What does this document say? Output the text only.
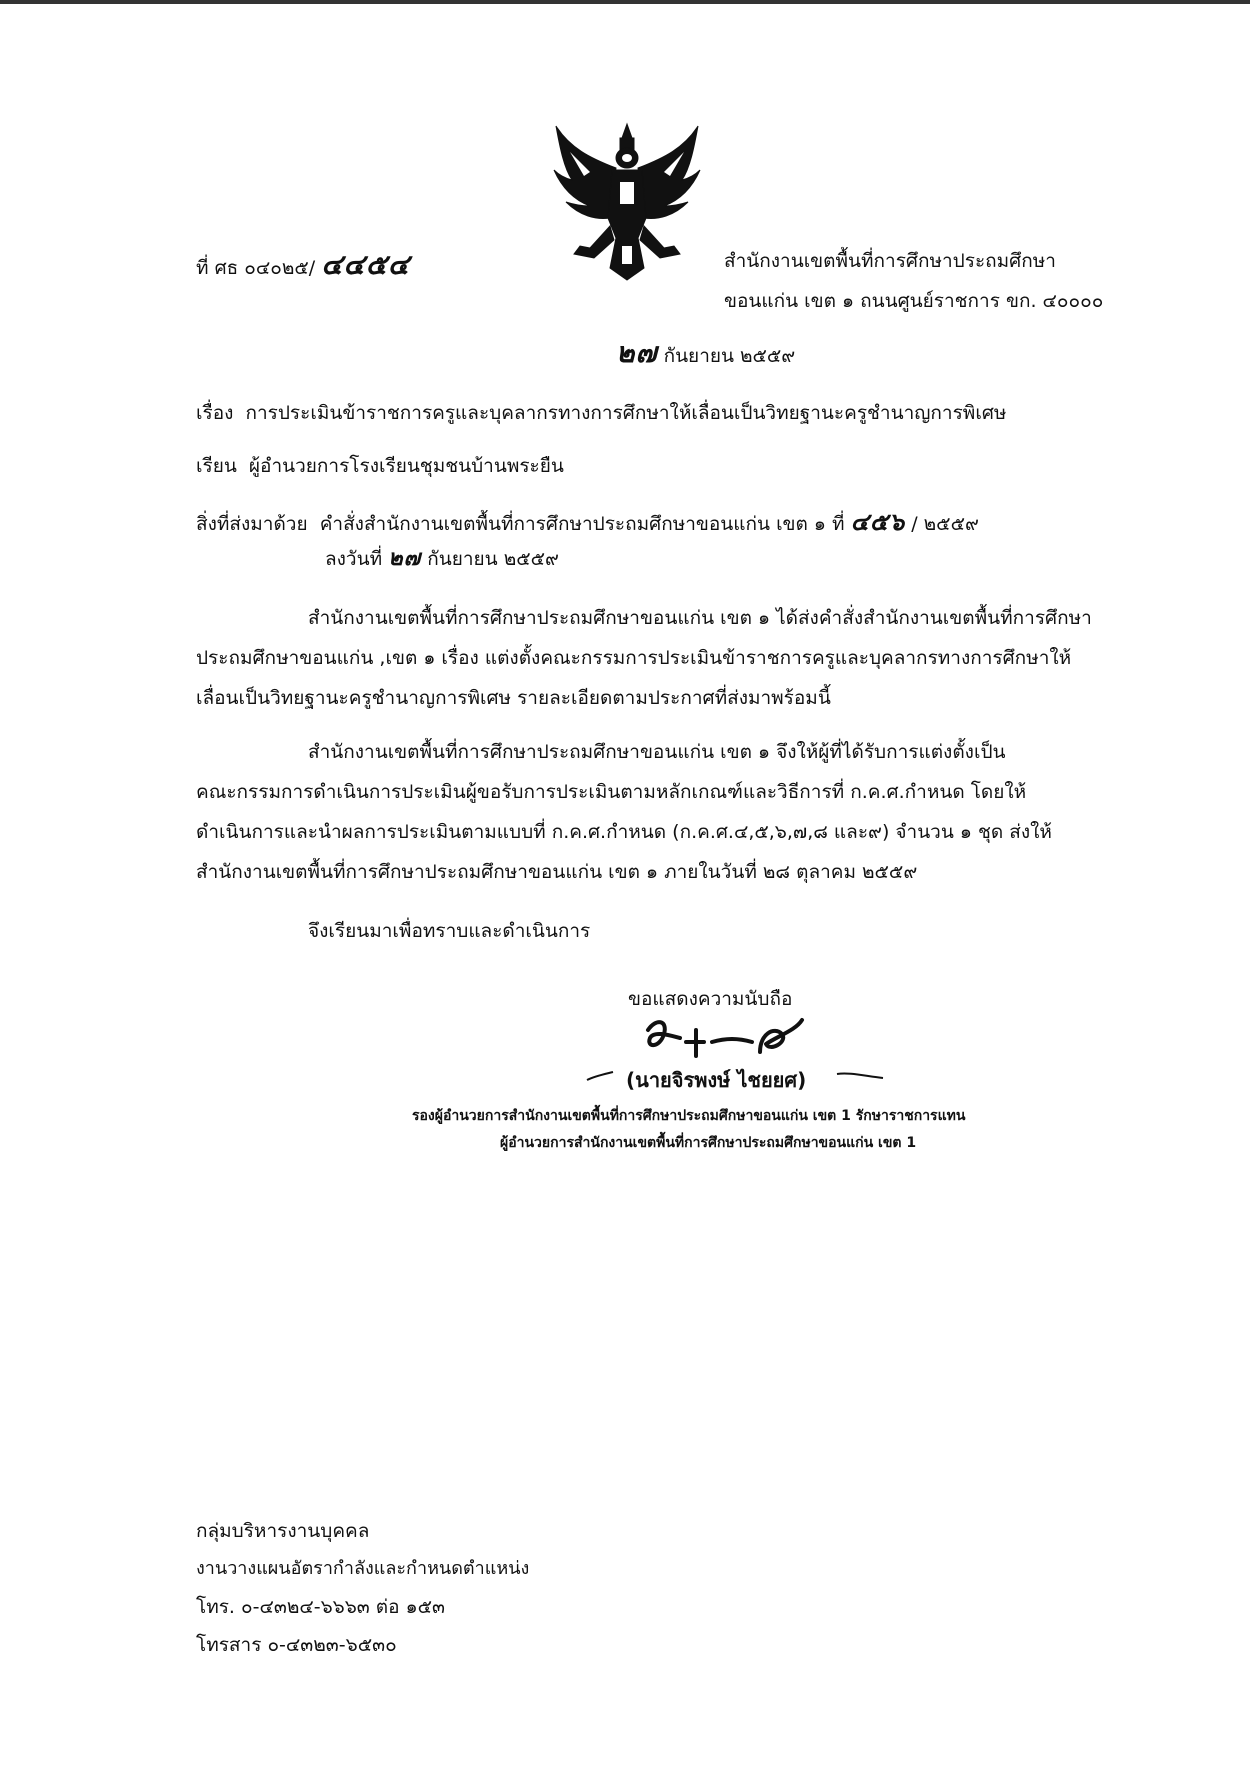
ที่ ศธ ๐๔๐๒๕/ ๔๔๕๔	สำนักงานเขตพื้นที่การศึกษาประถมศึกษา
ขอนแก่น เขต ๑ ถนนศูนย์ราชการ ขก. ๔๐๐๐๐
๒๗ กันยายน ๒๕๕๙
เรื่อง การประเมินข้าราชการครูและบุคลากรทางการศึกษาให้เลื่อนเป็นวิทยฐานะครูชำนาญการพิเศษ
เรียน ผู้อำนวยการโรงเรียนชุมชนบ้านพระยืน
สิ่งที่ส่งมาด้วย คำสั่งสำนักงานเขตพื้นที่การศึกษาประถมศึกษาขอนแก่น เขต ๑ ที่ ๔๕๖ / ๒๕๕๙
ลงวันที่ ๒๗ กันยายน ๒๕๕๙
สำนักงานเขตพื้นที่การศึกษาประถมศึกษาขอนแก่น เขต ๑ ได้ส่งคำสั่งสำนักงานเขตพื้นที่การศึกษา
ประถมศึกษาขอนแก่น ,เขต ๑ เรื่อง แต่งตั้งคณะกรรมการประเมินข้าราชการครูและบุคลากรทางการศึกษาให้
เลื่อนเป็นวิทยฐานะครูชำนาญการพิเศษ รายละเอียดตามประกาศที่ส่งมาพร้อมนี้
สำนักงานเขตพื้นที่การศึกษาประถมศึกษาขอนแก่น เขต ๑ จึงให้ผู้ที่ได้รับการแต่งตั้งเป็น
คณะกรรมการดำเนินการประเมินผู้ขอรับการประเมินตามหลักเกณฑ์และวิธีการที่ ก.ค.ศ.กำหนด โดยให้
ดำเนินการและนำผลการประเมินตามแบบที่ ก.ค.ศ.กำหนด (ก.ค.ศ.๔,๕,๖,๗,๘ และ๙) จำนวน ๑ ชุด ส่งให้
สำนักงานเขตพื้นที่การศึกษาประถมศึกษาขอนแก่น เขต ๑ ภายในวันที่ ๒๘ ตุลาคม ๒๕๕๙
จึงเรียนมาเพื่อทราบและดำเนินการ
ขอแสดงความนับถือ
(นายจิรพงษ์ ไชยยศ)
รองผู้อำนวยการสำนักงานเขตพื้นที่การศึกษาประถมศึกษาขอนแก่น เขต 1 รักษาราชการแทน
ผู้อำนวยการสำนักงานเขตพื้นที่การศึกษาประถมศึกษาขอนแก่น เขต 1
กลุ่มบริหารงานบุคคล
งานวางแผนอัตรากำลังและกำหนดตำแหน่ง
โทร. ๐-๔๓๒๔-๖๖๖๓ ต่อ ๑๕๓
โทรสาร ๐-๔๓๒๓-๖๕๓๐
